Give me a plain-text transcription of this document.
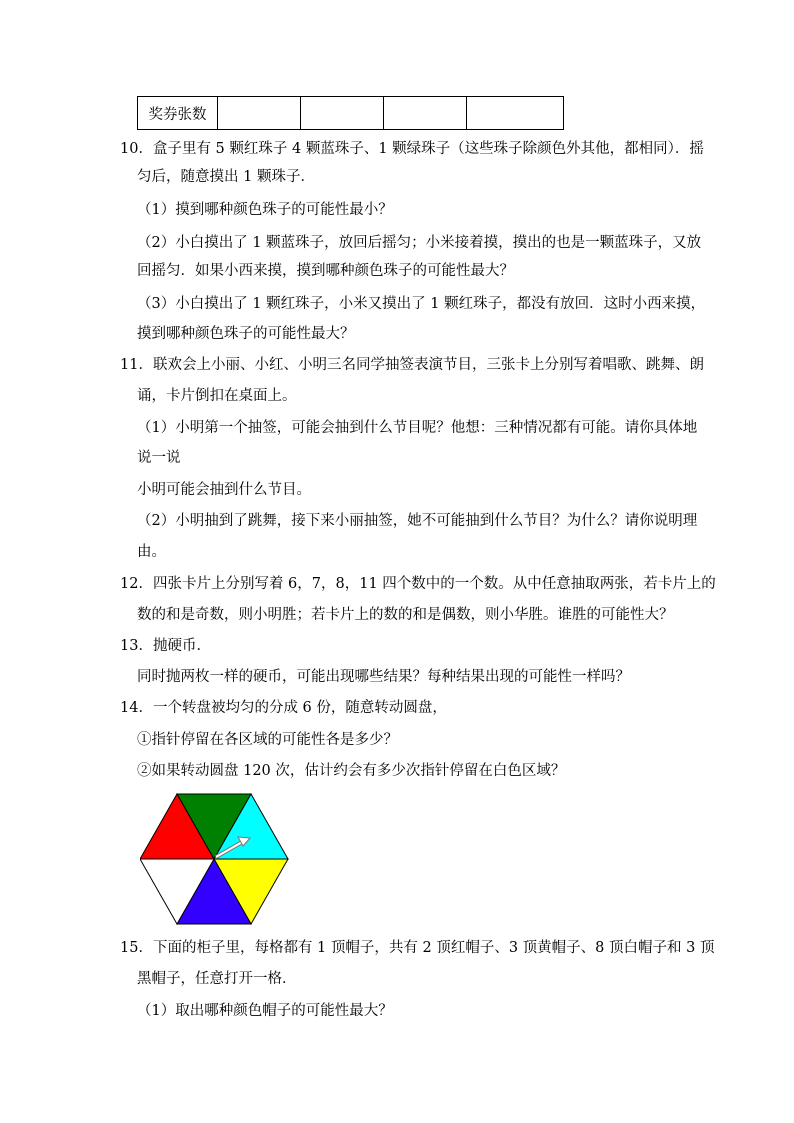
奖券张数				
10．盒子里有 5 颗红珠子 4 颗蓝珠子、1 颗绿珠子（这些珠子除颜色外其他，都相同）．摇
匀后，随意摸出 1 颗珠子．
（1）摸到哪种颜色珠子的可能性最小？
（2）小白摸出了 1 颗蓝珠子，放回后摇匀；小米接着摸，摸出的也是一颗蓝珠子，又放
回摇匀．如果小西来摸，摸到哪种颜色珠子的可能性最大？
（3）小白摸出了 1 颗红珠子，小米又摸出了 1 颗红珠子，都没有放回．这时小西来摸，
摸到哪种颜色珠子的可能性最大？
11．联欢会上小丽、小红、小明三名同学抽签表演节目，三张卡上分别写着唱歌、跳舞、朗
诵，卡片倒扣在桌面上。
（1）小明第一个抽签，可能会抽到什么节目呢？他想：三种情况都有可能。请你具体地
说一说
小明可能会抽到什么节目。
（2）小明抽到了跳舞，接下来小丽抽签，她不可能抽到什么节目？为什么？请你说明理
由。
12．四张卡片上分别写着 6，7，8，11 四个数中的一个数。从中任意抽取两张，若卡片上的
数的和是奇数，则小明胜；若卡片上的数的和是偶数，则小华胜。谁胜的可能性大？
13．抛硬币．
同时抛两枚一样的硬币，可能出现哪些结果？每种结果出现的可能性一样吗？
14．一个转盘被均匀的分成 6 份，随意转动圆盘，
①指针停留在各区域的可能性各是多少？
②如果转动圆盘 120 次，估计约会有多少次指针停留在白色区域？
15．下面的柜子里，每格都有 1 顶帽子，共有 2 顶红帽子、3 顶黄帽子、8 顶白帽子和 3 顶
黑帽子，任意打开一格．
（1）取出哪种颜色帽子的可能性最大？
